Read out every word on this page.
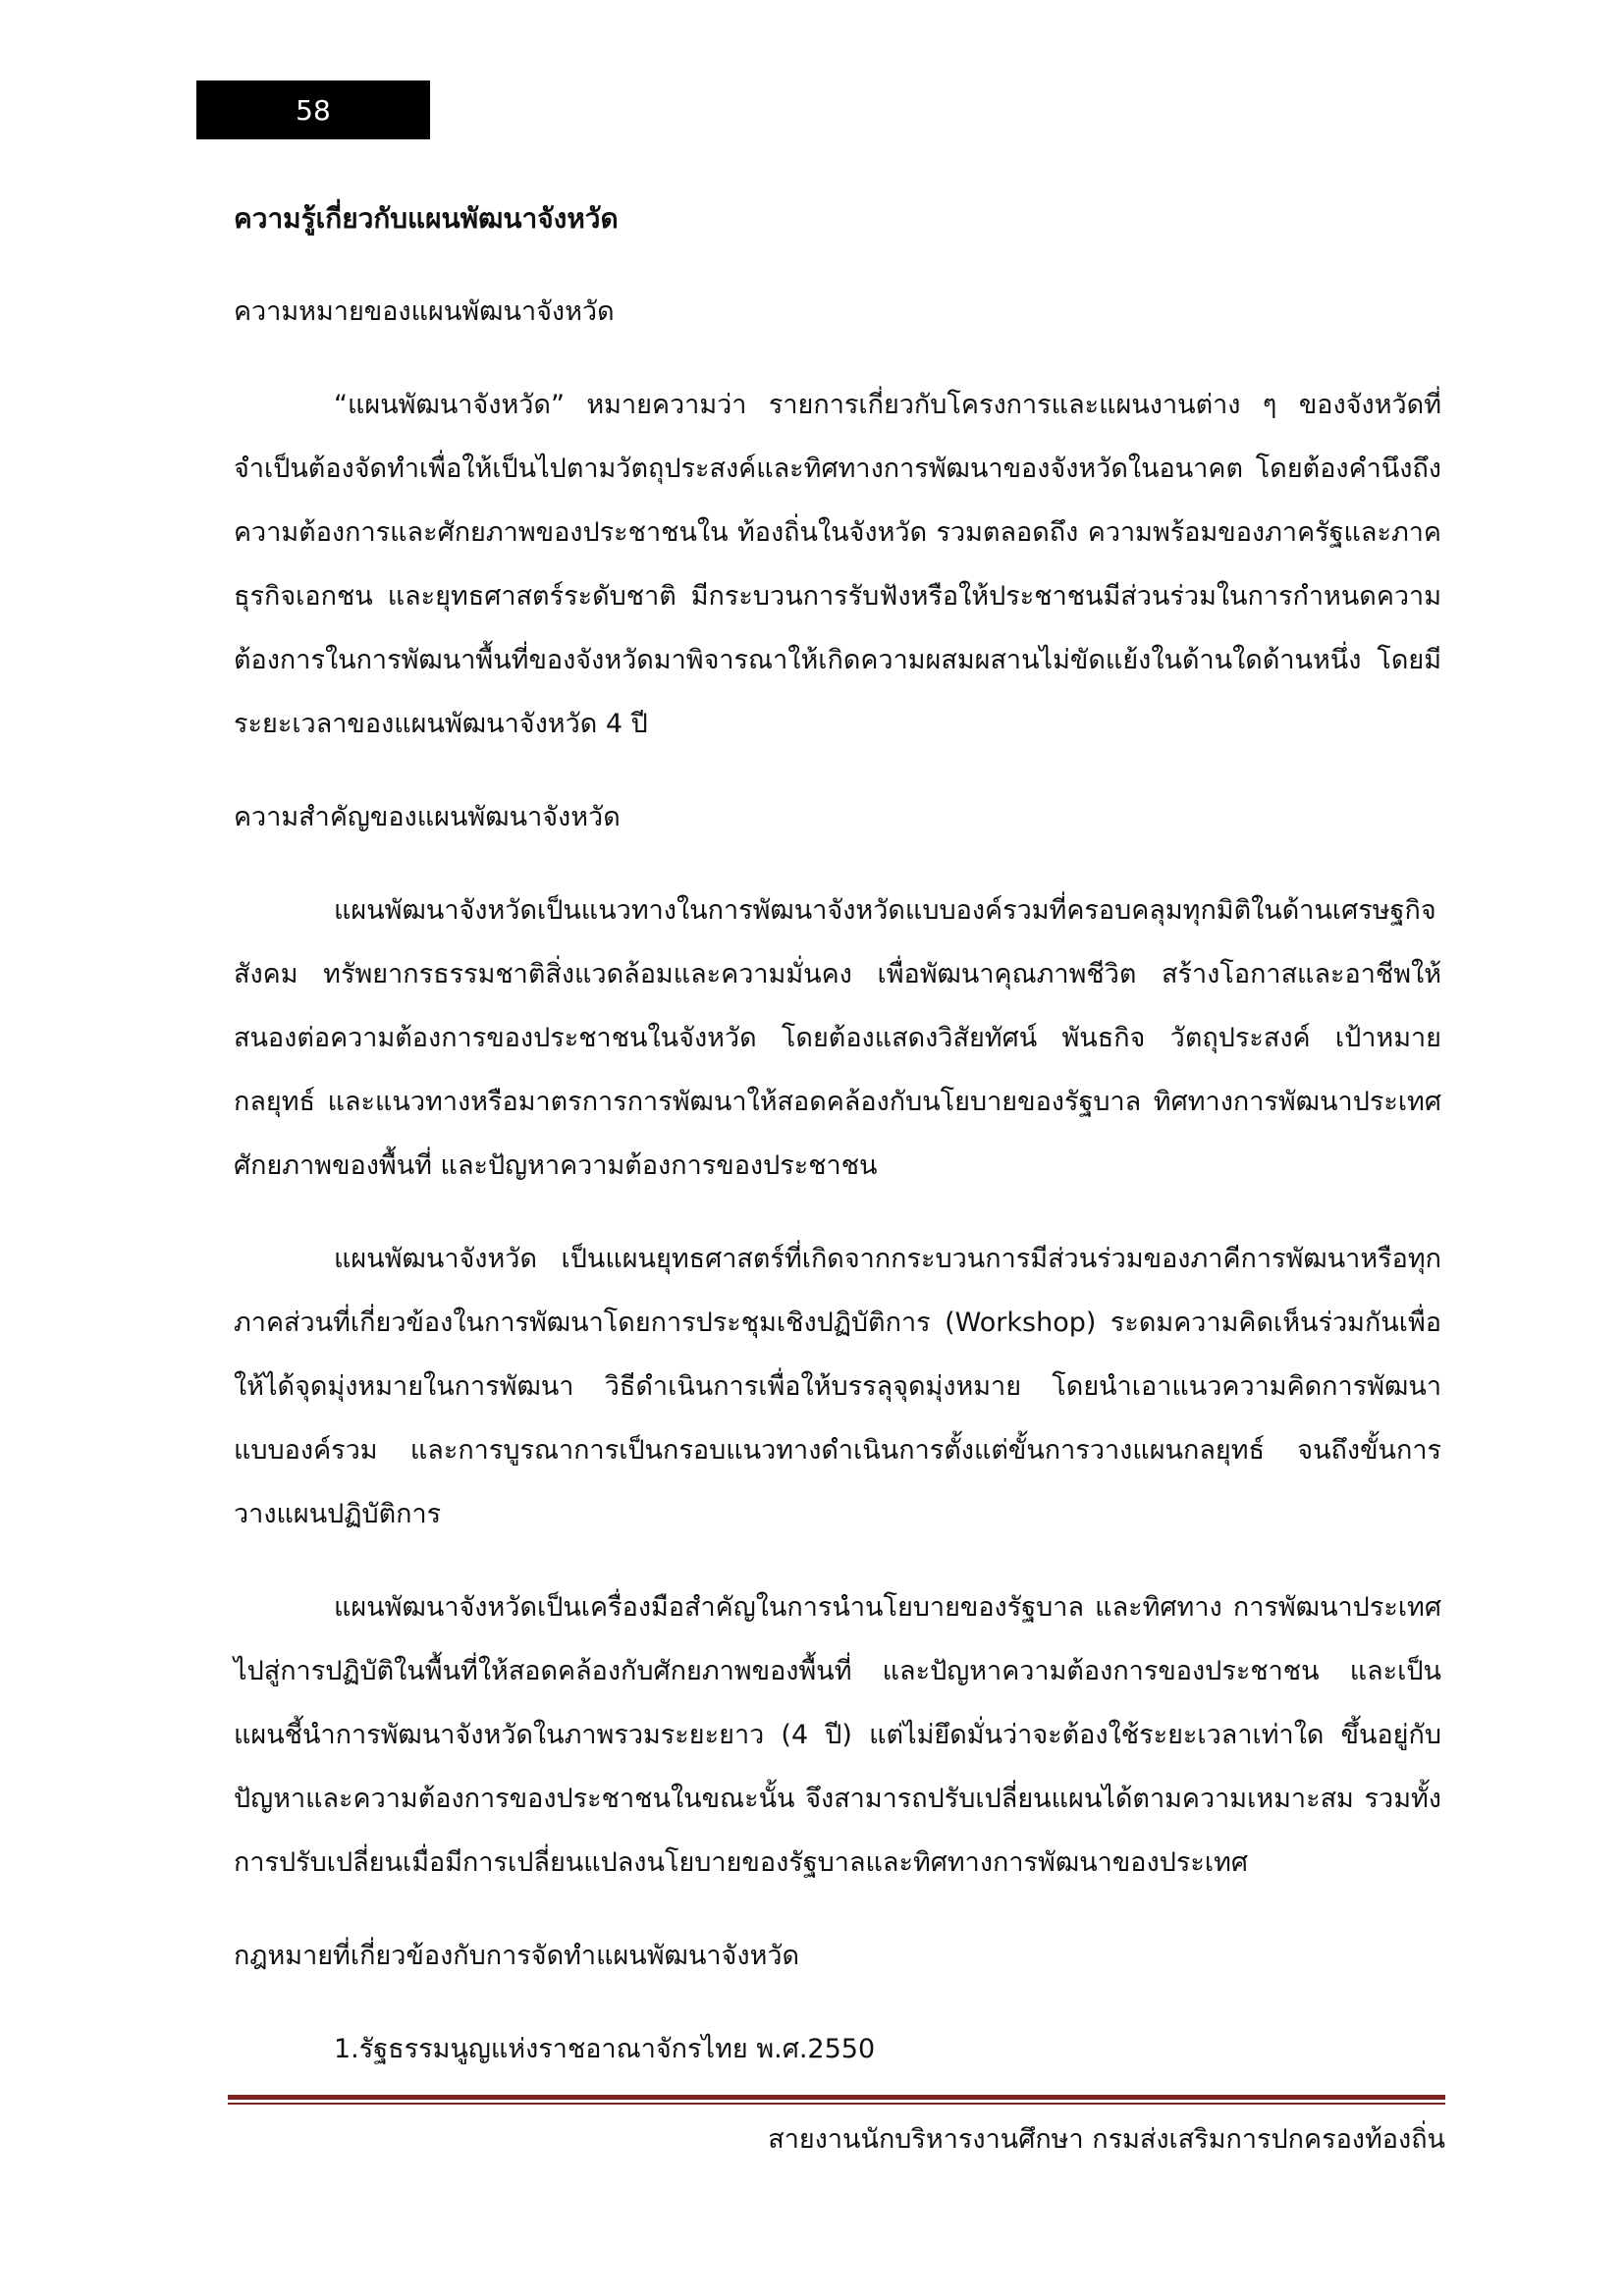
58
ความรู้เกี่ยวกับแผนพัฒนาจังหวัด
ความหมายของแผนพัฒนาจังหวัด
“แผนพัฒนาจังหวัด” หมายความว่า รายการเกี่ยวกับโครงการและแผนงานต่าง ๆ ของจังหวัดที่จำเป็นต้องจัดทำเพื่อให้เป็นไปตามวัตถุประสงค์และทิศทางการพัฒนาของจังหวัดในอนาคต โดยต้องคำนึงถึงความต้องการและศักยภาพของประชาชนใน ท้องถิ่นในจังหวัด รวมตลอดถึง ความพร้อมของภาครัฐและภาค ธุรกิจเอกชน และยุทธศาสตร์ระดับชาติ มีกระบวนการรับฟังหรือให้ประชาชนมีส่วนร่วมในการกำหนดความต้องการในการพัฒนาพื้นที่ของจังหวัดมาพิจารณาให้เกิดความผสมผสานไม่ขัดแย้งในด้านใดด้านหนึ่ง โดยมีระยะเวลาของแผนพัฒนาจังหวัด 4 ปี
ความสำคัญของแผนพัฒนาจังหวัด
แผนพัฒนาจังหวัดเป็นแนวทางในการพัฒนาจังหวัดแบบองค์รวมที่ครอบคลุมทุกมิติในด้านเศรษฐกิจ สังคม ทรัพยากรธรรมชาติสิ่งแวดล้อมและความมั่นคง เพื่อพัฒนาคุณภาพชีวิต สร้างโอกาสและอาชีพให้สนองต่อความต้องการของประชาชนในจังหวัด โดยต้องแสดงวิสัยทัศน์ พันธกิจ วัตถุประสงค์ เป้าหมาย กลยุทธ์ และแนวทางหรือมาตรการการพัฒนาให้สอดคล้องกับนโยบายของรัฐบาล ทิศทางการพัฒนาประเทศ ศักยภาพของพื้นที่ และปัญหาความต้องการของประชาชน
แผนพัฒนาจังหวัด เป็นแผนยุทธศาสตร์ที่เกิดจากกระบวนการมีส่วนร่วมของภาคีการพัฒนาหรือทุกภาคส่วนที่เกี่ยวข้องในการพัฒนาโดยการประชุมเชิงปฏิบัติการ (Workshop) ระดมความคิดเห็นร่วมกันเพื่อให้ได้จุดมุ่งหมายในการพัฒนา วิธีดำเนินการเพื่อให้บรรลุจุดมุ่งหมาย โดยนำเอาแนวความคิดการพัฒนาแบบองค์รวม และการบูรณาการเป็นกรอบแนวทางดำเนินการตั้งแต่ขั้นการวางแผนกลยุทธ์ จนถึงขั้นการวางแผนปฏิบัติการ
แผนพัฒนาจังหวัดเป็นเครื่องมือสำคัญในการนำนโยบายของรัฐบาล และทิศทาง การพัฒนาประเทศไปสู่การปฏิบัติในพื้นที่ให้สอดคล้องกับศักยภาพของพื้นที่ และปัญหาความต้องการของประชาชน และเป็นแผนชี้นำการพัฒนาจังหวัดในภาพรวมระยะยาว (4 ปี) แต่ไม่ยึดมั่นว่าจะต้องใช้ระยะเวลาเท่าใด ขึ้นอยู่กับปัญหาและความต้องการของประชาชนในขณะนั้น จึงสามารถปรับเปลี่ยนแผนได้ตามความเหมาะสม รวมทั้งการปรับเปลี่ยนเมื่อมีการเปลี่ยนแปลงนโยบายของรัฐบาลและทิศทางการพัฒนาของประเทศ
กฎหมายที่เกี่ยวข้องกับการจัดทำแผนพัฒนาจังหวัด
1.รัฐธรรมนูญแห่งราชอาณาจักรไทย พ.ศ.2550
สายงานนักบริหารงานศึกษา กรมส่งเสริมการปกครองท้องถิ่น
